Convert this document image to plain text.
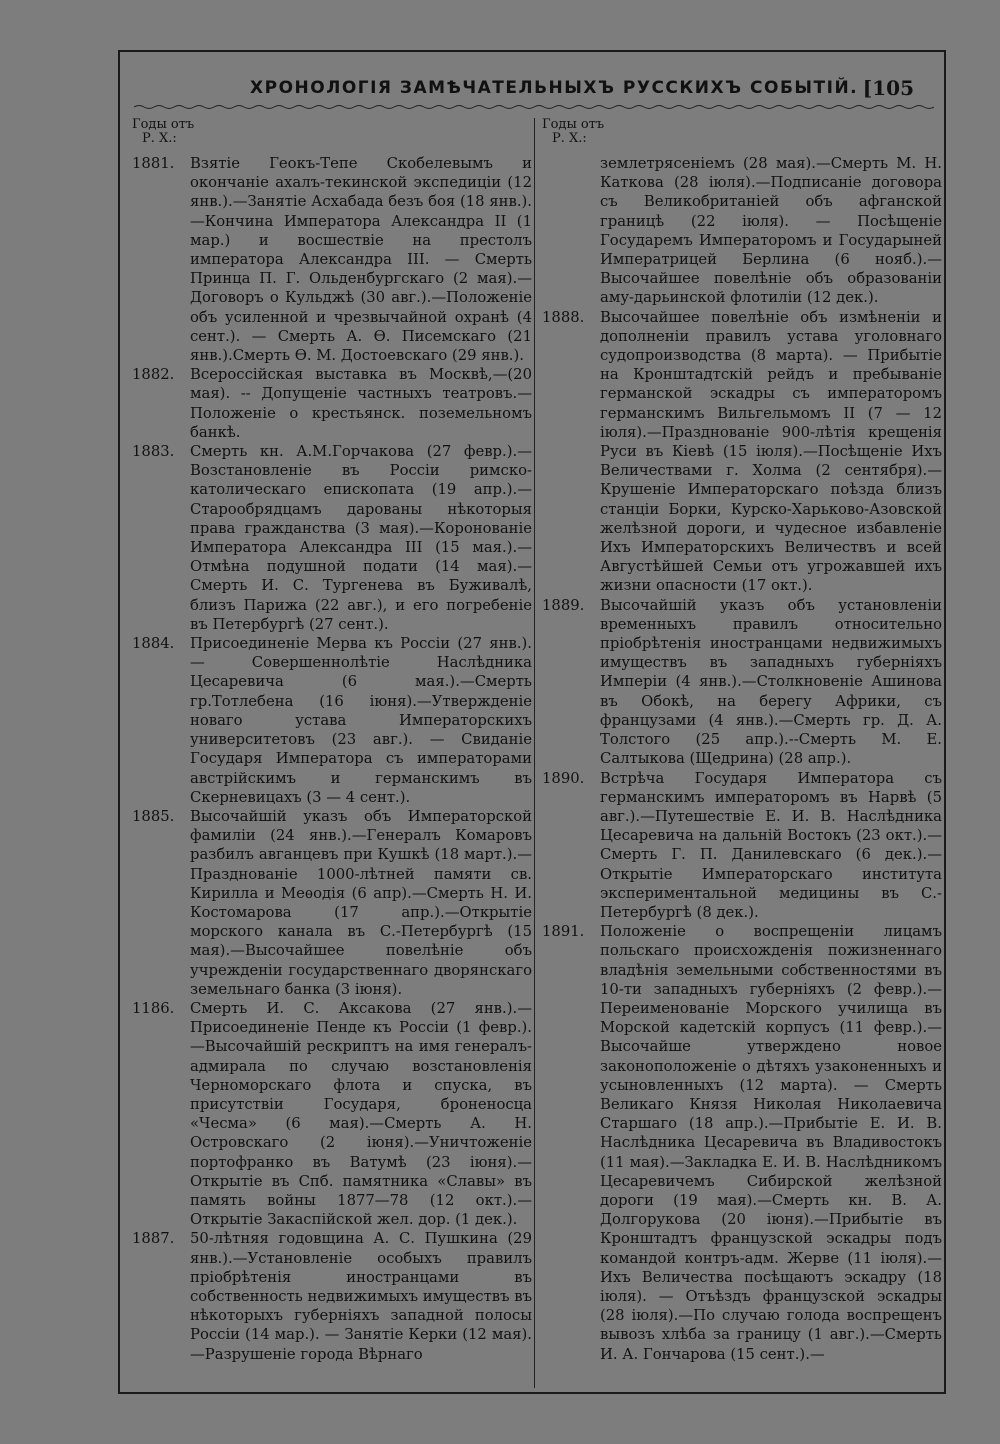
ХРОНОЛОГІЯ ЗАМѢЧАТЕЛЬНЫХЪ РУССКИХЪ СОБЫТІЙ. [105
Годы отъ
Р. Х.:
1881.	Взятіе Геокъ-Тепе Скобелевымъ и окончаніе ахалъ-текинской экспедиціи (12 янв.).—Занятіе Асхабада безъ боя (18 янв.).—Кончина Императора Александра II (1 мар.) и восшествіе на престолъ императора Александра III. — Смерть Принца П. Г. Ольденбургскаго (2 мая).—Договоръ о Кульджѣ (30 авг.).—Положеніе объ усиленной и чрезвычайной охранѣ (4 сент.). — Смерть А. Ѳ. Писемскаго (21 янв.).Смерть Ѳ. М. Достоевскаго (29 янв.).
1882.	Всероссійская выставка въ Москвѣ,—(20 мая). -- Допущеніе частныхъ театровъ.—Положеніе о крестьянск. поземельномъ банкѣ.
1883.	Смерть кн. А.М.Горчакова (27 февр.).—Возстановленіе въ Россіи римско-католическаго епископата (19 апр.).—Старообрядцамъ дарованы нѣкоторыя права гражданства (3 мая).—Коронованіе Императора Александра III (15 мая.).—Отмѣна подушной подати (14 мая).—Смерть И. С. Тургенева въ Буживалѣ, близъ Парижа (22 авг.), и его погребеніе въ Петербургѣ (27 сент.).
1884.	Присоединеніе Мерва къ Россіи (27 янв.). — Совершеннолѣтіе Наслѣдника Цесаревича (6 мая.).—Смерть гр.Тотлебена (16 іюня).—Утвержденіе новаго устава Императорскихъ университетовъ (23 авг.). — Свиданіе Государя Императора съ императорами австрійскимъ и германскимъ въ Скерневицахъ (3 — 4 сент.).
1885.	Высочайшій указъ объ Императорской фамиліи (24 янв.).—Генералъ Комаровъ разбилъ авганцевъ при Кушкѣ (18 март.).—Празднованіе 1000-лѣтней памяти св. Кирилла и Меѳодія (6 апр).—Смерть Н. И. Костомарова (17 апр.).—Открытіе морского канала въ С.-Петербургѣ (15 мая).—Высочайшее повелѣніе объ учрежденіи государственнаго дворянскаго земельнаго банка (3 іюня).
1186.	Смерть И. С. Аксакова (27 янв.).—Присоединеніе Пенде къ Россіи (1 февр.).—Высочайшій рескриптъ на имя генералъ-адмирала по случаю возстановленія Черноморскаго флота и спуска, въ присутствіи Государя, броненосца «Чесма» (6 мая).—Смерть А. Н. Островскаго (2 іюня).—Уничтоженіе портофранко въ Ватумѣ (23 іюня).—Открытіе въ Спб. памятника «Славы» въ память войны 1877—78 (12 окт.).—Открытіе Закаспійской жел. дор. (1 дек.).
1887.	50-лѣтняя годовщина А. С. Пушкина (29 янв.).—Установленіе особыхъ правилъ пріобрѣтенія иностранцами въ собственность недвижимыхъ имуществъ въ нѣкоторыхъ губерніяхъ западной полосы Россіи (14 мар.). — Занятіе Керки (12 мая).—Разрушеніе города Вѣрнаго
Годы отъ
Р. Х.:
землетрясеніемъ (28 мая).—Смерть М. Н. Каткова (28 іюля).—Подписаніе договора съ Великобританіей объ афганской границѣ (22 іюля). — Посѣщеніе Государемъ Императоромъ и Государыней Императрицей Берлина (6 нояб.).—Высочайшее повелѣніе объ образованіи аму-дарьинской флотиліи (12 дек.).
1888.	Высочайшее повелѣніе объ измѣненіи и дополненіи правилъ устава уголовнаго судопроизводства (8 марта). — Прибытіе на Кронштадтскій рейдъ и пребываніе германской эскадры съ императоромъ германскимъ Вильгельмомъ II (7 — 12 іюля).—Празднованіе 900-лѣтія крещенія Руси въ Кіевѣ (15 іюля).—Посѣщеніе Ихъ Величествами г. Холма (2 сентября).—Крушеніе Императорскаго поѣзда близъ станціи Борки, Курско-Харьково-Азовской желѣзной дороги, и чудесное избавленіе Ихъ Императорскихъ Величествъ и всей Августѣйшей Семьи отъ угрожавшей ихъ жизни опасности (17 окт.).
1889.	Высочайшій указъ объ установленіи временныхъ правилъ относительно пріобрѣтенія иностранцами недвижимыхъ имуществъ въ западныхъ губерніяхъ Имперіи (4 янв.).—Столкновеніе Ашинова въ Обокѣ, на берегу Африки, съ французами (4 янв.).—Смерть гр. Д. А. Толстого (25 апр.).--Смерть М. Е. Салтыкова (Щедрина) (28 апр.).
1890.	Встрѣча Государя Императора съ германскимъ императоромъ въ Нарвѣ (5 авг.).—Путешествіе Е. И. В. Наслѣдника Цесаревича на дальній Востокъ (23 окт.).— Смерть Г. П. Данилевскаго (6 дек.).—Открытіе Императорскаго института экспериментальной медицины въ С.-Петербургѣ (8 дек.).
1891.	Положеніе о воспрещеніи лицамъ польскаго происхожденія пожизненнаго владѣнія земельными собственностями въ 10-ти западныхъ губерніяхъ (2 февр.).—Переименованіе Морского училища въ Морской кадетскій корпусъ (11 февр.).—Высочайше утверждено новое законоположеніе о дѣтяхъ узаконенныхъ и усыновленныхъ (12 марта). — Смерть Великаго Князя Николая Николаевича Старшаго (18 апр.).—Прибытіе Е. И. В. Наслѣдника Цесаревича въ Владивостокъ (11 мая).—Закладка Е. И. В. Наслѣдникомъ Цесаревичемъ Сибирской желѣзной дороги (19 мая).—Смерть кн. В. А. Долгорукова (20 іюня).—Прибытіе въ Кронштадтъ французской эскадры подъ командой контръ-адм. Жерве (11 іюля).—Ихъ Величества посѣщаютъ эскадру (18 іюля). — Отъѣздъ французской эскадры (28 іюля).—По случаю голода воспрещенъ вывозъ хлѣба за границу (1 авг.).—Смерть И. А. Гончарова (15 сент.).—
